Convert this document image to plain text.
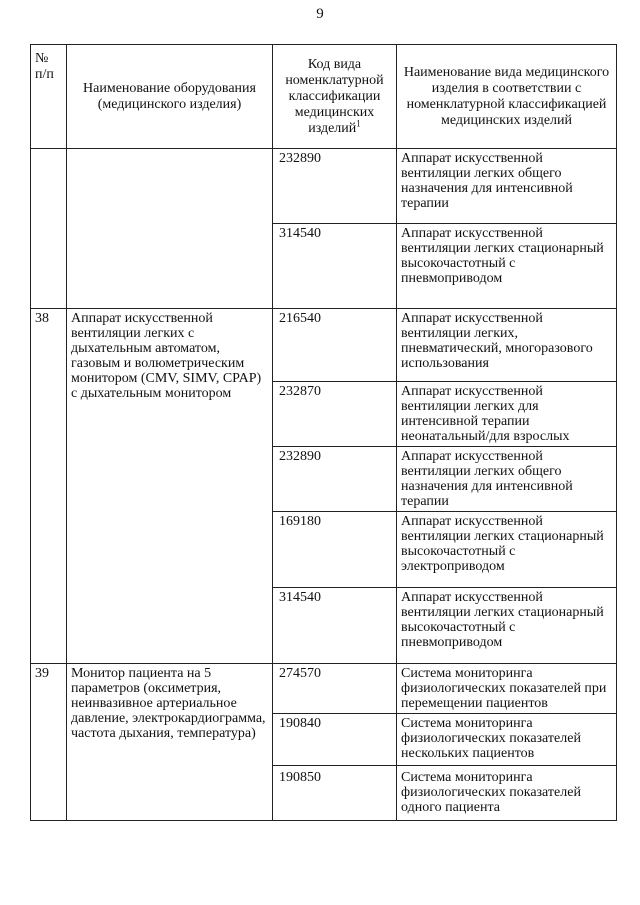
9
№ п/п	Наименование оборудования (медицинского изделия)	Код вида номенклатурной классификации медицинских изделий$^1$	Наименование вида медицинского изделия в соответствии с номенклатурной классификацией медицинских изделий
		232890	Аппарат искусственной вентиляции легких общего назначения для интенсивной терапии
		314540	Аппарат искусственной вентиляции легких стационарный высокочастотный с пневмоприводом
38	Аппарат искусственной вентиляции легких с дыхательным автоматом, газовым и волюметрическим монитором (CMV, SIMV, CPAP) с дыхательным монитором	216540	Аппарат искусственной вентиляции легких, пневматический, многоразового использования
		232870	Аппарат искусственной вентиляции легких для интенсивной терапии неонатальный/для взрослых
		232890	Аппарат искусственной вентиляции легких общего назначения для интенсивной терапии
		169180	Аппарат искусственной вентиляции легких стационарный высокочастотный с электроприводом
		314540	Аппарат искусственной вентиляции легких стационарный высокочастотный с пневмоприводом
39	Монитор пациента на 5 параметров (оксиметрия, неинвазивное артериальное давление, электрокардиограмма, частота дыхания, температура)	274570	Система мониторинга физиологических показателей при перемещении пациентов
		190840	Система мониторинга физиологических показателей нескольких пациентов
		190850	Система мониторинга физиологических показателей одного пациента
